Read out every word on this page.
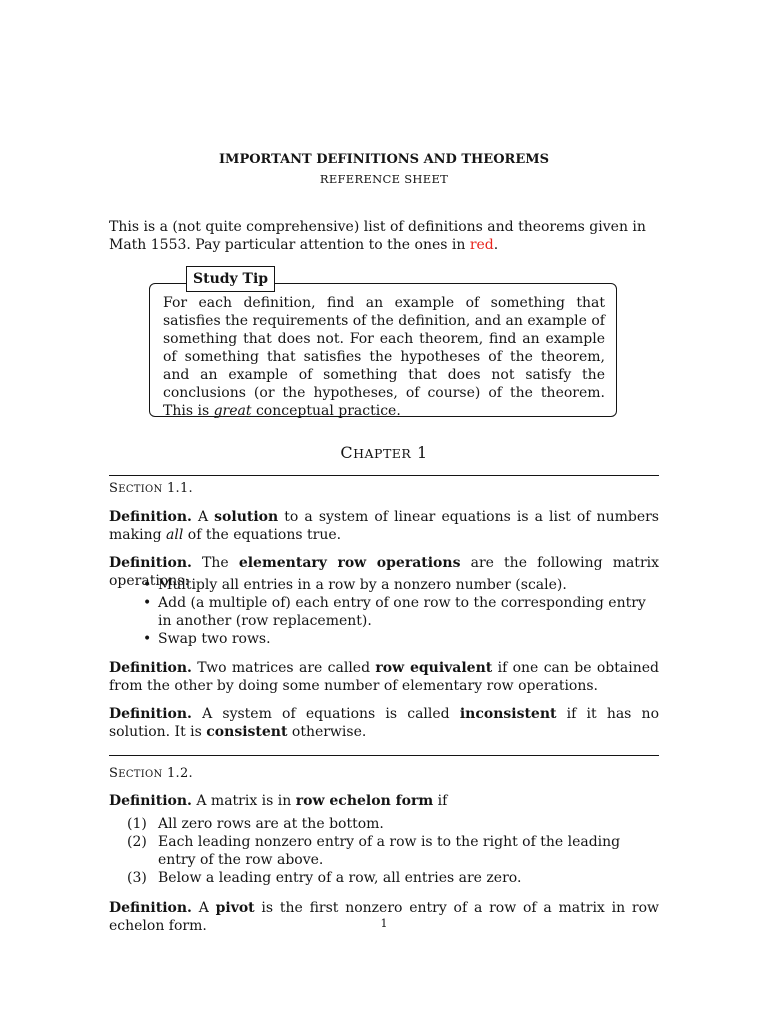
IMPORTANT DEFINITIONS AND THEOREMS
REFERENCE SHEET
This is a (not quite comprehensive) list of definitions and theorems given in Math 1553. Pay particular attention to the ones in red.
Study Tip
For each definition, find an example of something that satisfies the requirements of the definition, and an example of something that does not. For each theorem, find an example of something that satisfies the hypotheses of the theorem, and an example of something that does not satisfy the conclusions (or the hypotheses, of course) of the theorem. This is great conceptual practice.
CHAPTER 1
SECTION 1.1.
Definition. A solution to a system of linear equations is a list of numbers making all of the equations true.
Definition. The elementary row operations are the following matrix operations:
• Multiply all entries in a row by a nonzero number (scale).
• Add (a multiple of) each entry of one row to the corresponding entry in another (row replacement).
• Swap two rows.
Definition. Two matrices are called row equivalent if one can be obtained from the other by doing some number of elementary row operations.
Definition. A system of equations is called inconsistent if it has no solution. It is consistent otherwise.
SECTION 1.2.
Definition. A matrix is in row echelon form if
(1) All zero rows are at the bottom.
(2) Each leading nonzero entry of a row is to the right of the leading entry of the row above.
(3) Below a leading entry of a row, all entries are zero.
Definition. A pivot is the first nonzero entry of a row of a matrix in row echelon form.	1
